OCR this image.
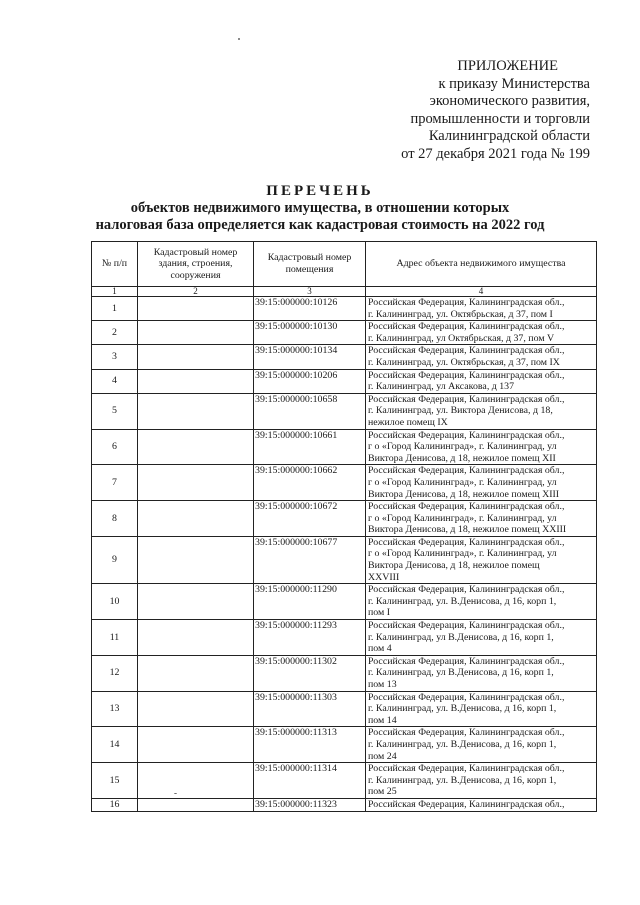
ПРИЛОЖЕНИЕ
к приказу Министерства
экономического развития,
промышленности и торговли
Калининградской области
от 27 декабря 2021 года № 199
ПЕРЕЧЕНЬ
объектов недвижимого имущества, в отношении которых
налоговая база определяется как кадастровая стоимость на 2022 год
№ п/п	Кадастровый номер здания, строения, сооружения	Кадастровый номер помещения	Адрес объекта недвижимого имущества
1	2	3	4
1		39:15:000000:10126	Российская Федерация, Калининградская обл.,
г. Калининград, ул. Октябрьская, д 37, пом I

2		39:15:000000:10130	Российская Федерация, Калининградская обл.,
г. Калининград, ул Октябрьская, д 37, пом V

3		39:15:000000:10134	Российская Федерация, Калининградская обл.,
г. Калининград, ул. Октябрьская, д 37, пом IX

4		39:15:000000:10206	Российская Федерация, Калининградская обл.,
г. Калининград, ул Аксакова, д 137

5		39:15:000000:10658	Российская Федерация, Калининградская обл.,
г. Калининград, ул. Виктора Денисова, д 18,
нежилое помещ IX

6		39:15:000000:10661	Российская Федерация, Калининградская обл.,
г о «Город Калининград», г. Калининград, ул
Виктора Денисова, д 18, нежилое помещ XII

7		39:15:000000:10662	Российская Федерация, Калининградская обл.,
г о «Город Калининград», г. Калининград, ул
Виктора Денисова, д 18, нежилое помещ XIII

8		39:15:000000:10672	Российская Федерация, Калининградская обл.,
г о «Город Калининград», г. Калининград, ул
Виктора Денисова, д 18, нежилое помещ XXIII

9		39:15:000000:10677	Российская Федерация, Калининградская обл.,
г о «Город Калининград», г. Калининград, ул
Виктора Денисова, д 18, нежилое помещ
XXVIII

10		39:15:000000:11290	Российская Федерация, Калининградская обл.,
г. Калининград, ул. В.Денисова, д 16, корп 1,
пом I

11		39:15:000000:11293	Российская Федерация, Калининградская обл.,
г. Калининград, ул В.Денисова, д 16, корп 1,
пом 4

12		39:15:000000:11302	Российская Федерация, Калининградская обл.,
г. Калининград, ул В.Денисова, д 16, корп 1,
пом 13

13		39:15:000000:11303	Российская Федерация, Калининградская обл.,
г. Калининград, ул. В.Денисова, д 16, корп 1,
пом 14

14		39:15:000000:11313	Российская Федерация, Калининградская обл.,
г. Калининград, ул. В.Денисова, д 16, корп 1,
пом 24

15		39:15:000000:11314	Российская Федерация, Калининградская обл.,
г. Калининград, ул. В.Денисова, д 16, корп 1,
пом 25

16		39:15:000000:11323	Российская Федерация, Калининградская обл.,
